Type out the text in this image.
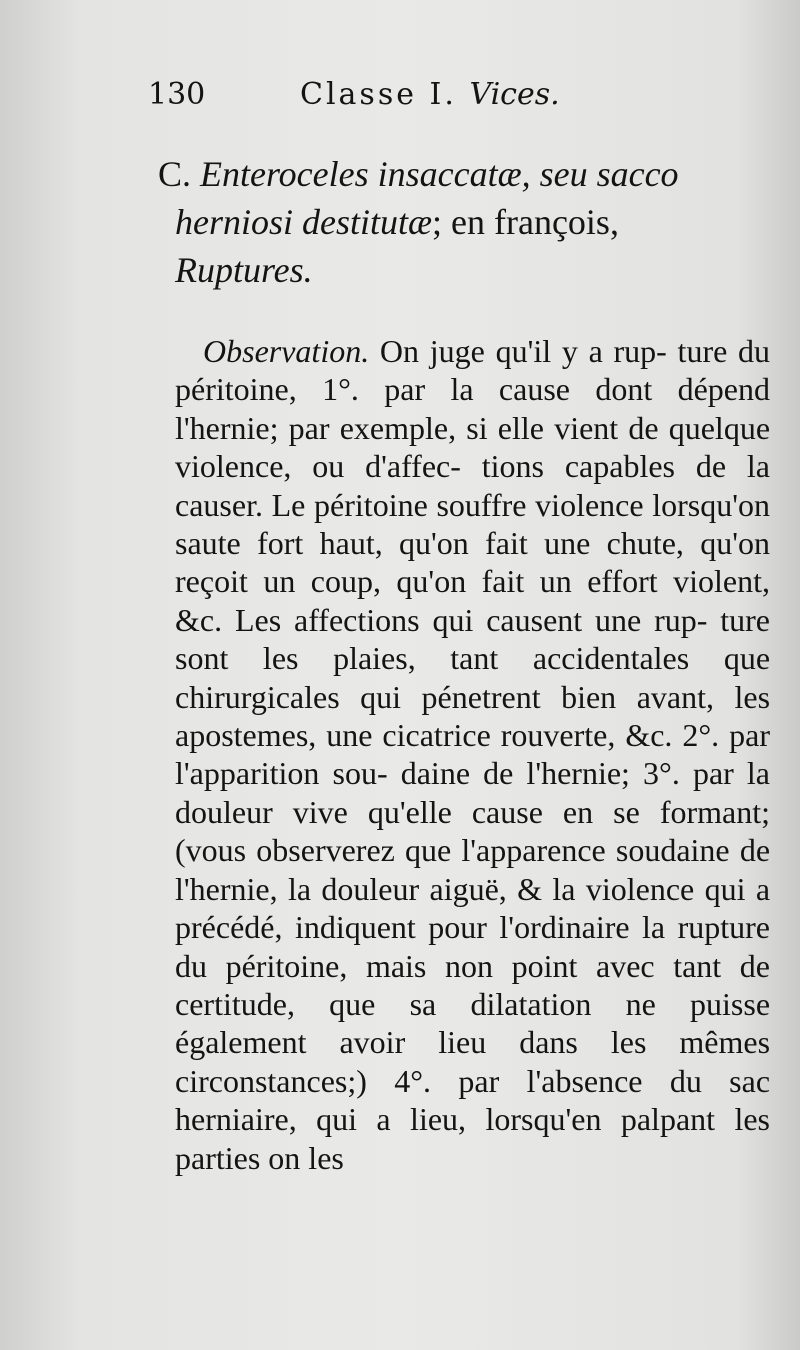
130	Classe I. Vices.
C. Enteroceles insaccatæ, seu sacco
herniosi destitutæ; en françois,
Ruptures.

Observation. On juge qu'il y a rup- ture du péritoine, 1°. par la cause dont dépend l'hernie; par exemple, si elle vient de quelque violence, ou d'affec- tions capables de la causer. Le péritoine souffre violence lorsqu'on saute fort haut, qu'on fait une chute, qu'on reçoit un coup, qu'on fait un effort violent, &c. Les affections qui causent une rup- ture sont les plaies, tant accidentales que chirurgicales qui pénetrent bien avant, les apostemes, une cicatrice rouverte, &c. 2°. par l'apparition sou- daine de l'hernie; 3°. par la douleur vive qu'elle cause en se formant; (vous observerez que l'apparence soudaine de l'hernie, la douleur aiguë, & la violence qui a précédé, indiquent pour l'ordinaire la rupture du péritoine, mais non point avec tant de certitude, que sa dilatation ne puisse également avoir lieu dans les mêmes circonstances;) 4°. par l'absence du sac herniaire, qui a lieu, lorsqu'en palpant les parties on les
